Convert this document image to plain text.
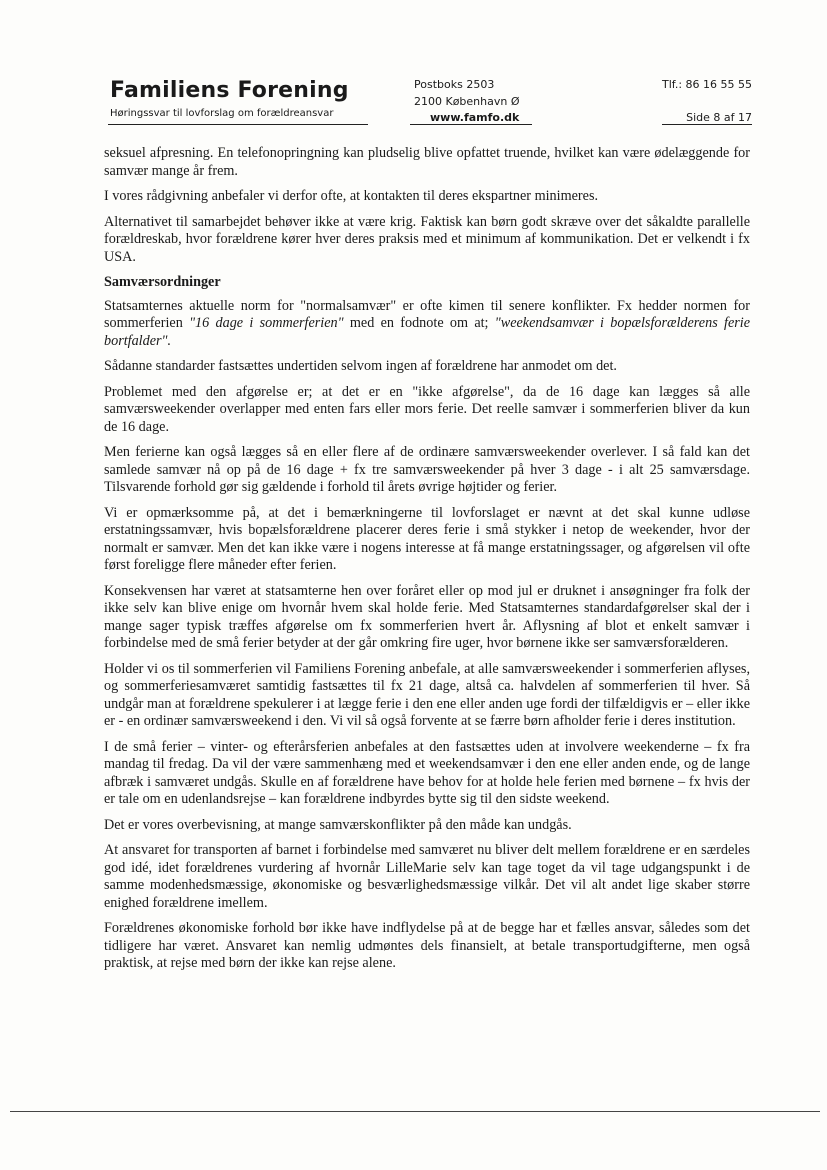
Familiens Forening
Høringssvar til lovforslag om forældreansvar
Postboks 2503
2100 København Ø
www.famfo.dk
Tlf.: 86 16 55 55
Side 8 af 17

seksuel afpresning. En telefonopringning kan pludselig blive opfattet truende, hvilket kan være ødelæggende for samvær mange år frem.

I vores rådgivning anbefaler vi derfor ofte, at kontakten til deres ekspartner minimeres.

Alternativet til samarbejdet behøver ikke at være krig. Faktisk kan børn godt skræve over det såkaldte parallelle forældreskab, hvor forældrene kører hver deres praksis med et minimum af kommunikation. Det er velkendt i fx USA.

Samværsordninger

Statsamternes aktuelle norm for "normalsamvær" er ofte kimen til senere konflikter. Fx hedder normen for sommerferien "16 dage i sommerferien" med en fodnote om at; "weekendsamvær i bopælsforælderens ferie bortfalder".

Sådanne standarder fastsættes undertiden selvom ingen af forældrene har anmodet om det.

Problemet med den afgørelse er; at det er en "ikke afgørelse", da de 16 dage kan lægges så alle samværsweekender overlapper med enten fars eller mors ferie. Det reelle samvær i sommerferien bliver da kun de 16 dage.

Men ferierne kan også lægges så en eller flere af de ordinære samværsweekender overlever. I så fald kan det samlede samvær nå op på de 16 dage + fx tre samværsweekender på hver 3 dage - i alt 25 samværsdage. Tilsvarende forhold gør sig gældende i forhold til årets øvrige højtider og ferier.

Vi er opmærksomme på, at det i bemærkningerne til lovforslaget er nævnt at det skal kunne udløse erstatningssamvær, hvis bopælsforældrene placerer deres ferie i små stykker i netop de weekender, hvor der normalt er samvær. Men det kan ikke være i nogens interesse at få mange erstatningssager, og afgørelsen vil ofte først foreligge flere måneder efter ferien.

Konsekvensen har været at statsamterne hen over foråret eller op mod jul er druknet i ansøgninger fra folk der ikke selv kan blive enige om hvornår hvem skal holde ferie. Med Statsamternes standardafgørelser skal der i mange sager typisk træffes afgørelse om fx sommerferien hvert år. Aflysning af blot et enkelt samvær i forbindelse med de små ferier betyder at der går omkring fire uger, hvor børnene ikke ser samværsforælderen.

Holder vi os til sommerferien vil Familiens Forening anbefale, at alle samværsweekender i sommerferien aflyses, og sommerferiesamværet samtidig fastsættes til fx 21 dage, altså ca. halvdelen af sommerferien til hver. Så undgår man at forældrene spekulerer i at lægge ferie i den ene eller anden uge fordi der tilfældigvis er – eller ikke er - en ordinær samværsweekend i den. Vi vil så også forvente at se færre børn afholder ferie i deres institution.

I de små ferier – vinter- og efterårsferien anbefales at den fastsættes uden at involvere weekenderne – fx fra mandag til fredag. Da vil der være sammenhæng med et weekendsamvær i den ene eller anden ende, og de lange afbræk i samværet undgås. Skulle en af forældrene have behov for at holde hele ferien med børnene – fx hvis der er tale om en udenlandsrejse – kan forældrene indbyrdes bytte sig til den sidste weekend.

Det er vores overbevisning, at mange samværskonflikter på den måde kan undgås.

At ansvaret for transporten af barnet i forbindelse med samværet nu bliver delt mellem forældrene er en særdeles god idé, idet forældrenes vurdering af hvornår LilleMarie selv kan tage toget da vil tage udgangspunkt i de samme modenhedsmæssige, økonomiske og besværlighedsmæssige vilkår. Det vil alt andet lige skaber større enighed forældrene imellem.

Forældrenes økonomiske forhold bør ikke have indflydelse på at de begge har et fælles ansvar, således som det tidligere har været. Ansvaret kan nemlig udmøntes dels finansielt, at betale transportudgifterne, men også praktisk, at rejse med børn der ikke kan rejse alene.
